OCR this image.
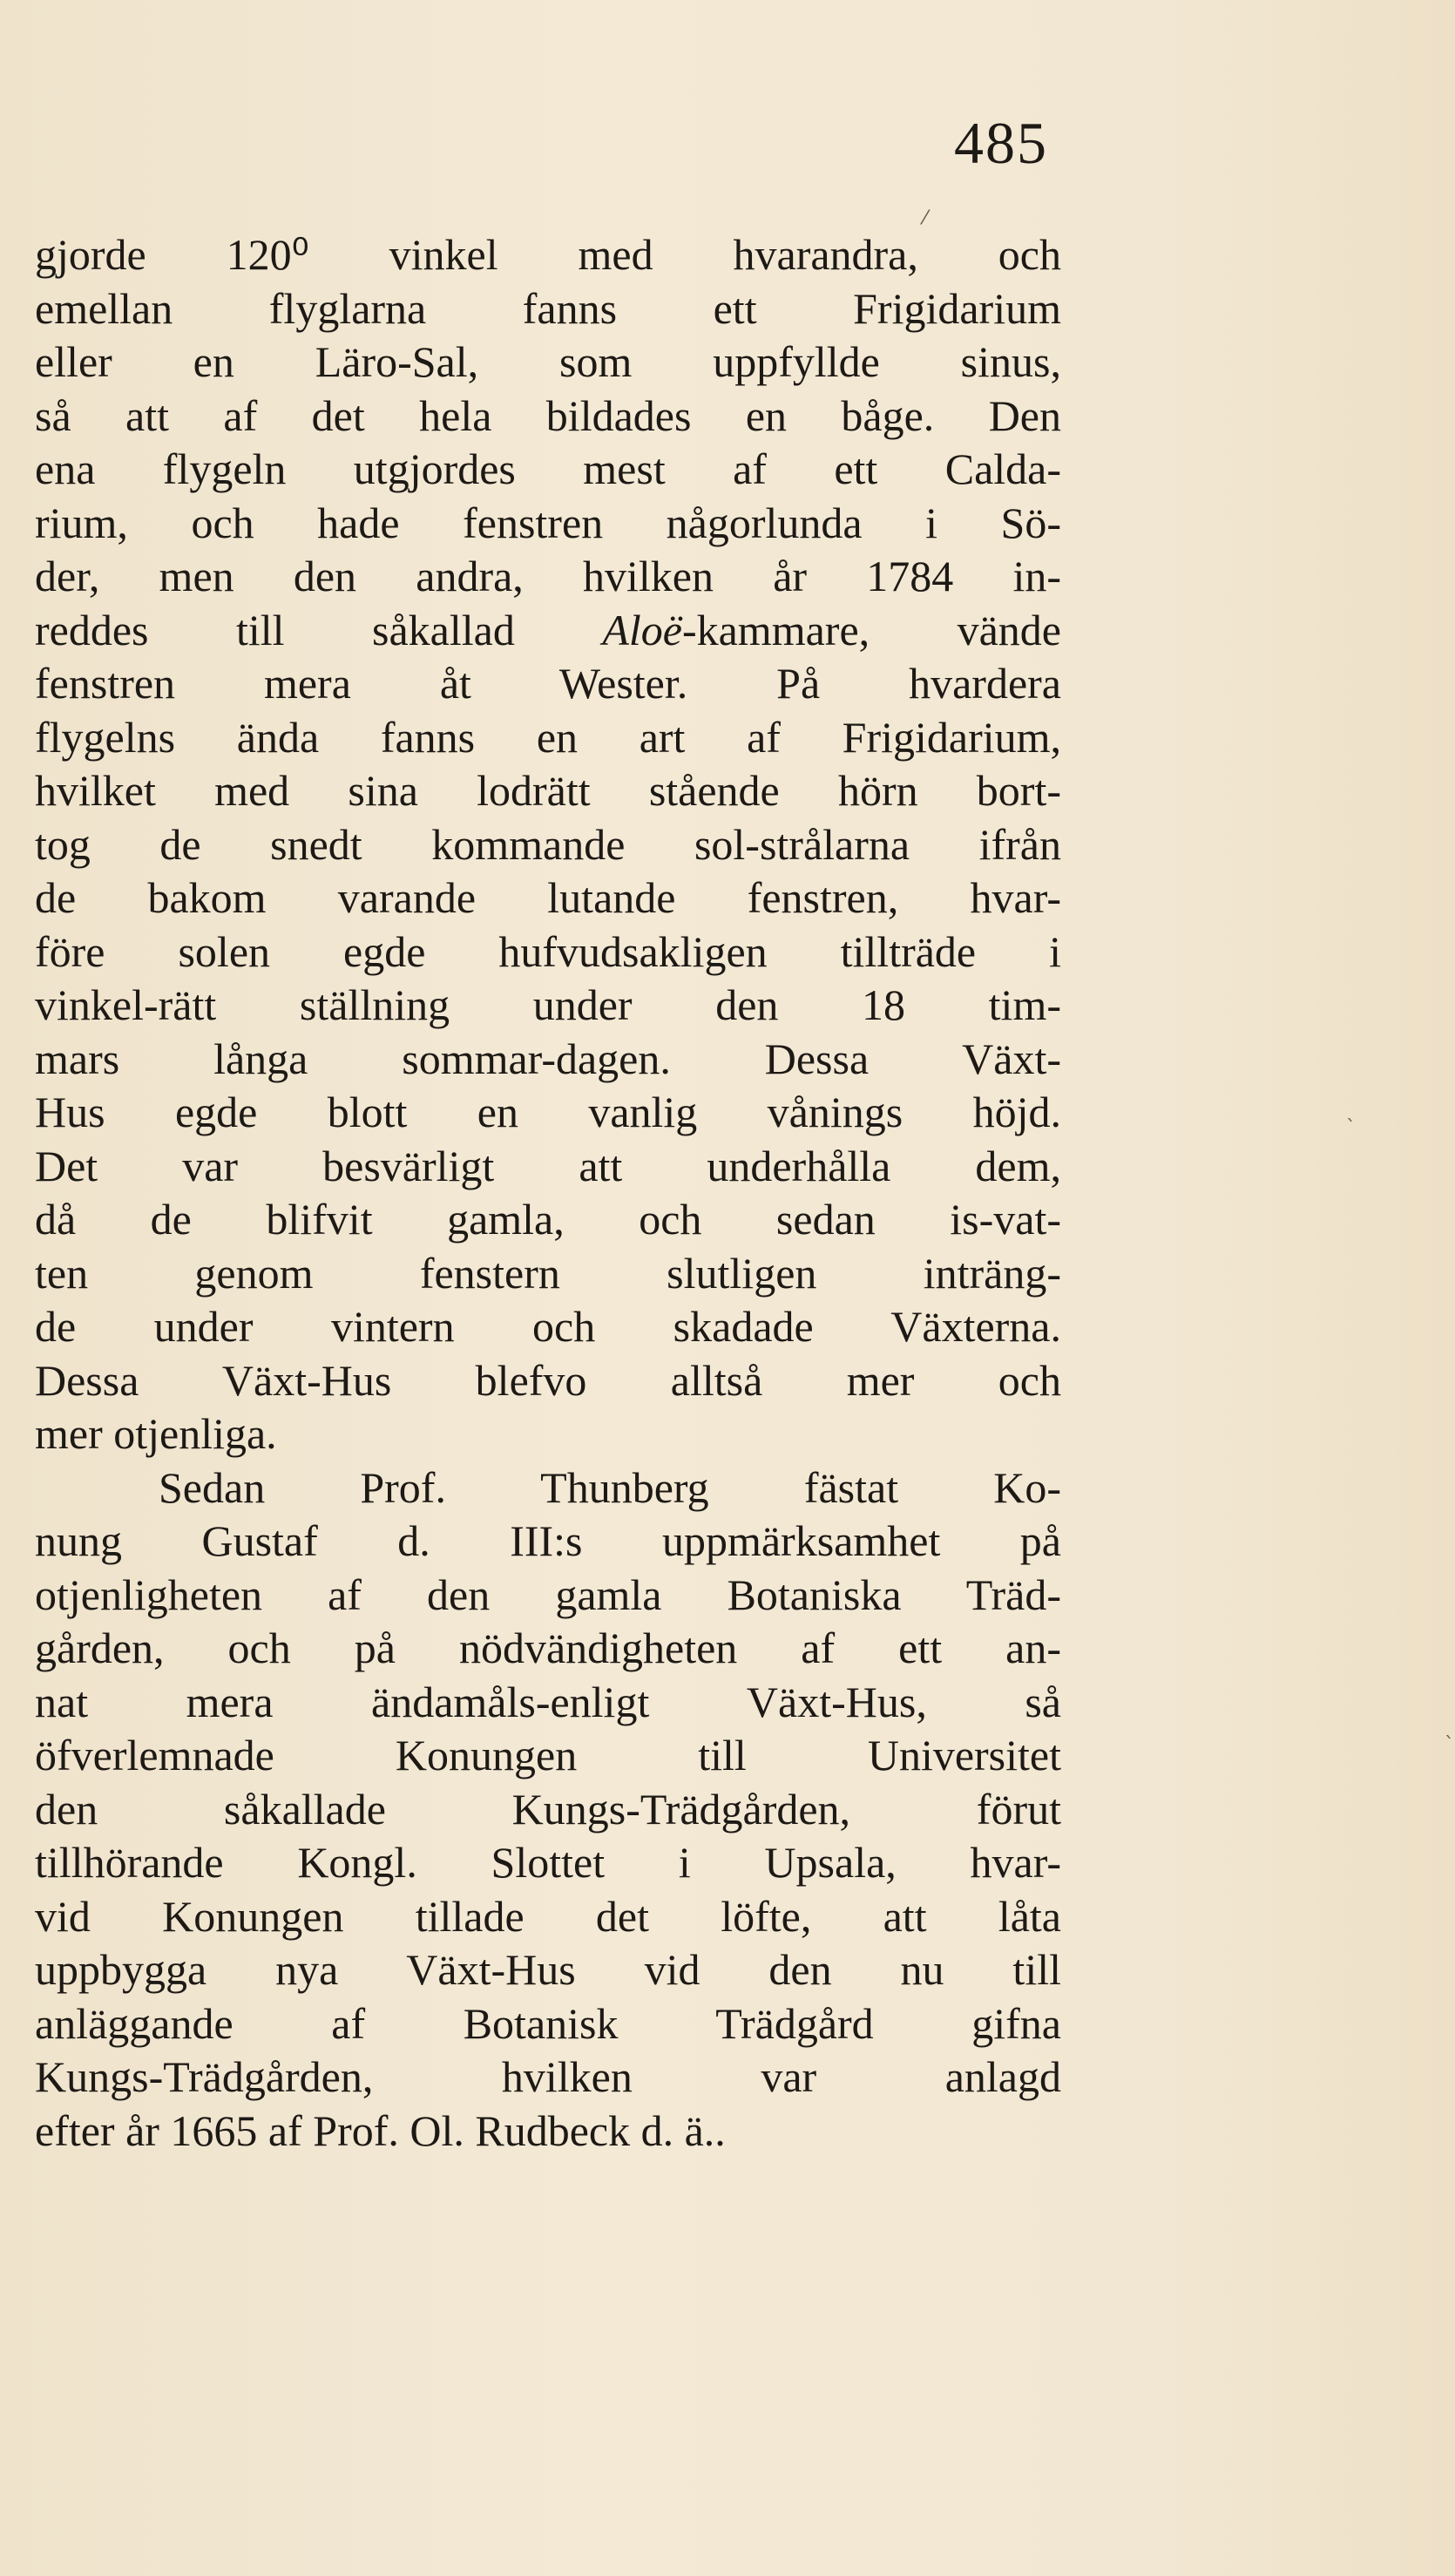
485
⁄
ˋ
ˋ
gjorde 120⁰ vinkel med hvarandra, och
emellan flyglarna fanns ett Frigidarium
eller en Läro-Sal, som uppfyllde sinus,
så att af det hela bildades en båge. Den
ena flygeln utgjordes mest af ett Calda-
rium, och hade fenstren någorlunda i Sö-
der, men den andra, hvilken år 1784 in-
reddes till såkallad Aloë-kammare, vände
fenstren mera åt Wester. På hvardera
flygelns ända fanns en art af Frigidarium,
hvilket med sina lodrätt stående hörn bort-
tog de snedt kommande sol-strålarna ifrån
de bakom varande lutande fenstren, hvar-
före solen egde hufvudsakligen tillträde i
vinkel-rätt ställning under den 18 tim-
mars långa sommar-dagen. Dessa Växt-
Hus egde blott en vanlig vånings höjd.
Det var besvärligt att underhålla dem,
då de blifvit gamla, och sedan is-vat-
ten genom fenstern slutligen inträng-
de under vintern och skadade Växterna.
Dessa Växt-Hus blefvo alltså mer och
mer otjenliga.
Sedan Prof. Thunberg fästat Ko-
nung Gustaf d. III:s uppmärksamhet på
otjenligheten af den gamla Botaniska Träd-
gården, och på nödvändigheten af ett an-
nat mera ändamåls-enligt Växt-Hus, så
öfverlemnade Konungen till Universitet
den såkallade Kungs-Trädgården, förut
tillhörande Kongl. Slottet i Upsala, hvar-
vid Konungen tillade det löfte, att låta
uppbygga nya Växt-Hus vid den nu till
anläggande af Botanisk Trädgård gifna
Kungs-Trädgården, hvilken var anlagd
efter år 1665 af Prof. Ol. Rudbeck d. ä..
